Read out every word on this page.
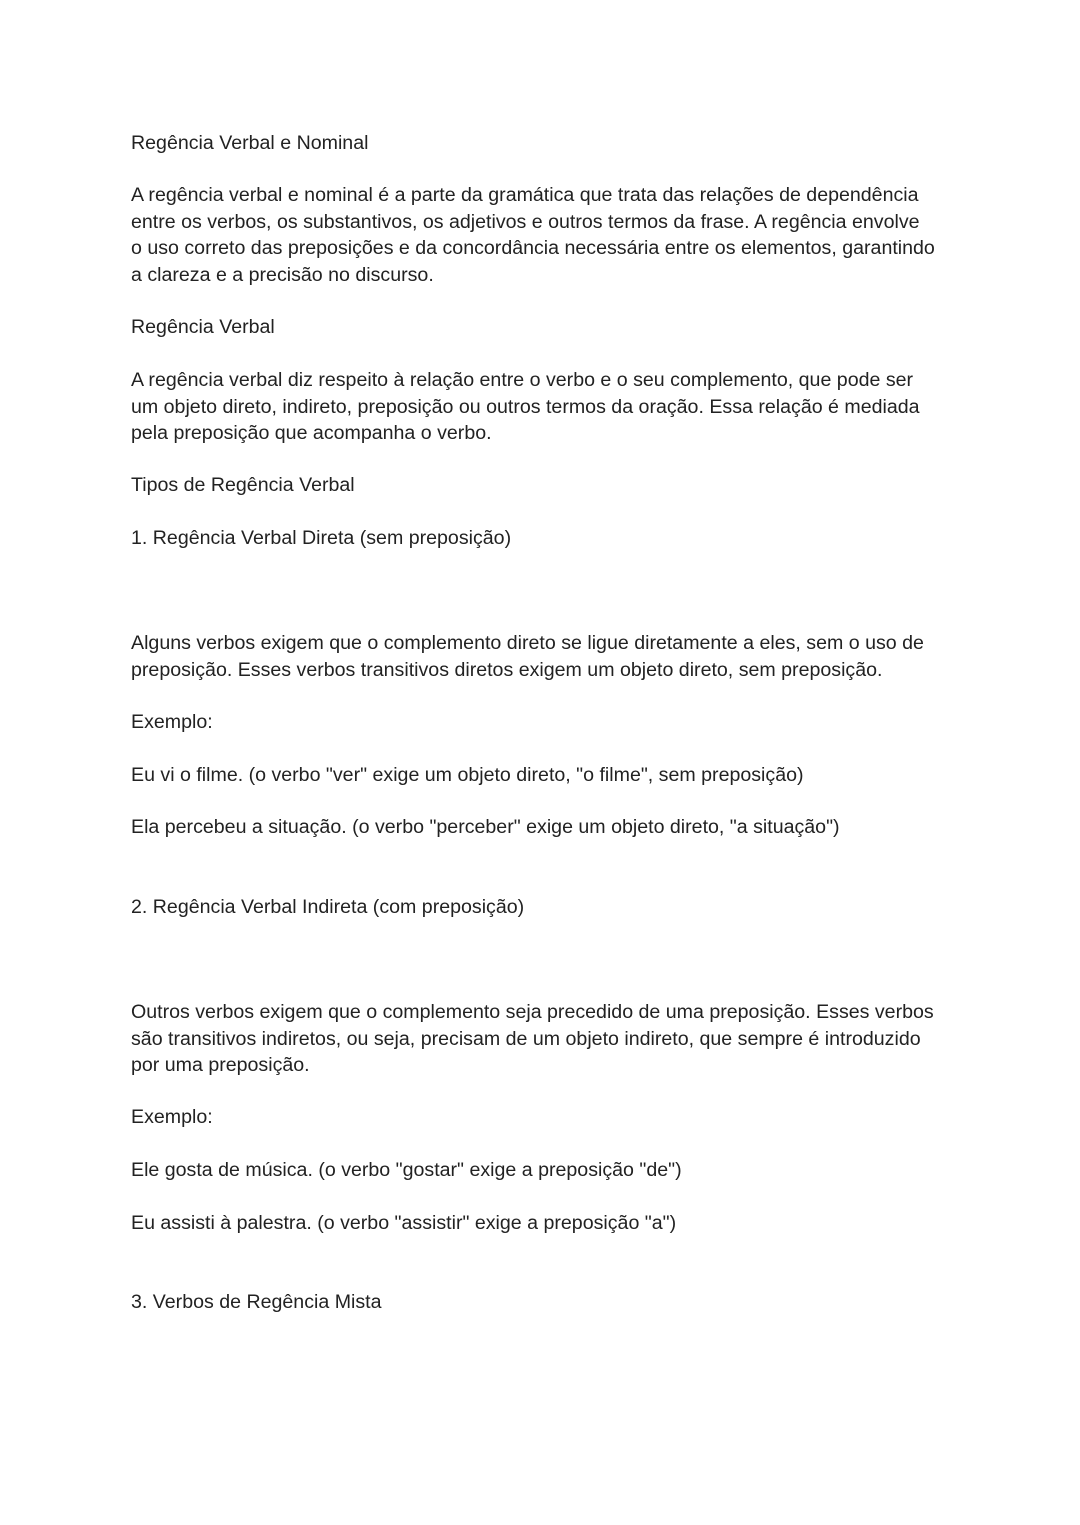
Regência Verbal e Nominal

A regência verbal e nominal é a parte da gramática que trata das relações de dependência
entre os verbos, os substantivos, os adjetivos e outros termos da frase. A regência envolve
o uso correto das preposições e da concordância necessária entre os elementos, garantindo
a clareza e a precisão no discurso.

Regência Verbal

A regência verbal diz respeito à relação entre o verbo e o seu complemento, que pode ser
um objeto direto, indireto, preposição ou outros termos da oração. Essa relação é mediada
pela preposição que acompanha o verbo.

Tipos de Regência Verbal
1. Regência Verbal Direta (sem preposição)

Alguns verbos exigem que o complemento direto se ligue diretamente a eles, sem o uso de
preposição. Esses verbos transitivos diretos exigem um objeto direto, sem preposição.

Exemplo:

Eu vi o filme. (o verbo "ver" exige um objeto direto, "o filme", sem preposição)

Ela percebeu a situação. (o verbo "perceber" exige um objeto direto, "a situação")

2. Regência Verbal Indireta (com preposição)

Outros verbos exigem que o complemento seja precedido de uma preposição. Esses verbos
são transitivos indiretos, ou seja, precisam de um objeto indireto, que sempre é introduzido
por uma preposição.

Exemplo:

Ele gosta de música. (o verbo "gostar" exige a preposição "de")

Eu assisti à palestra. (o verbo "assistir" exige a preposição "a")

3. Verbos de Regência Mista
